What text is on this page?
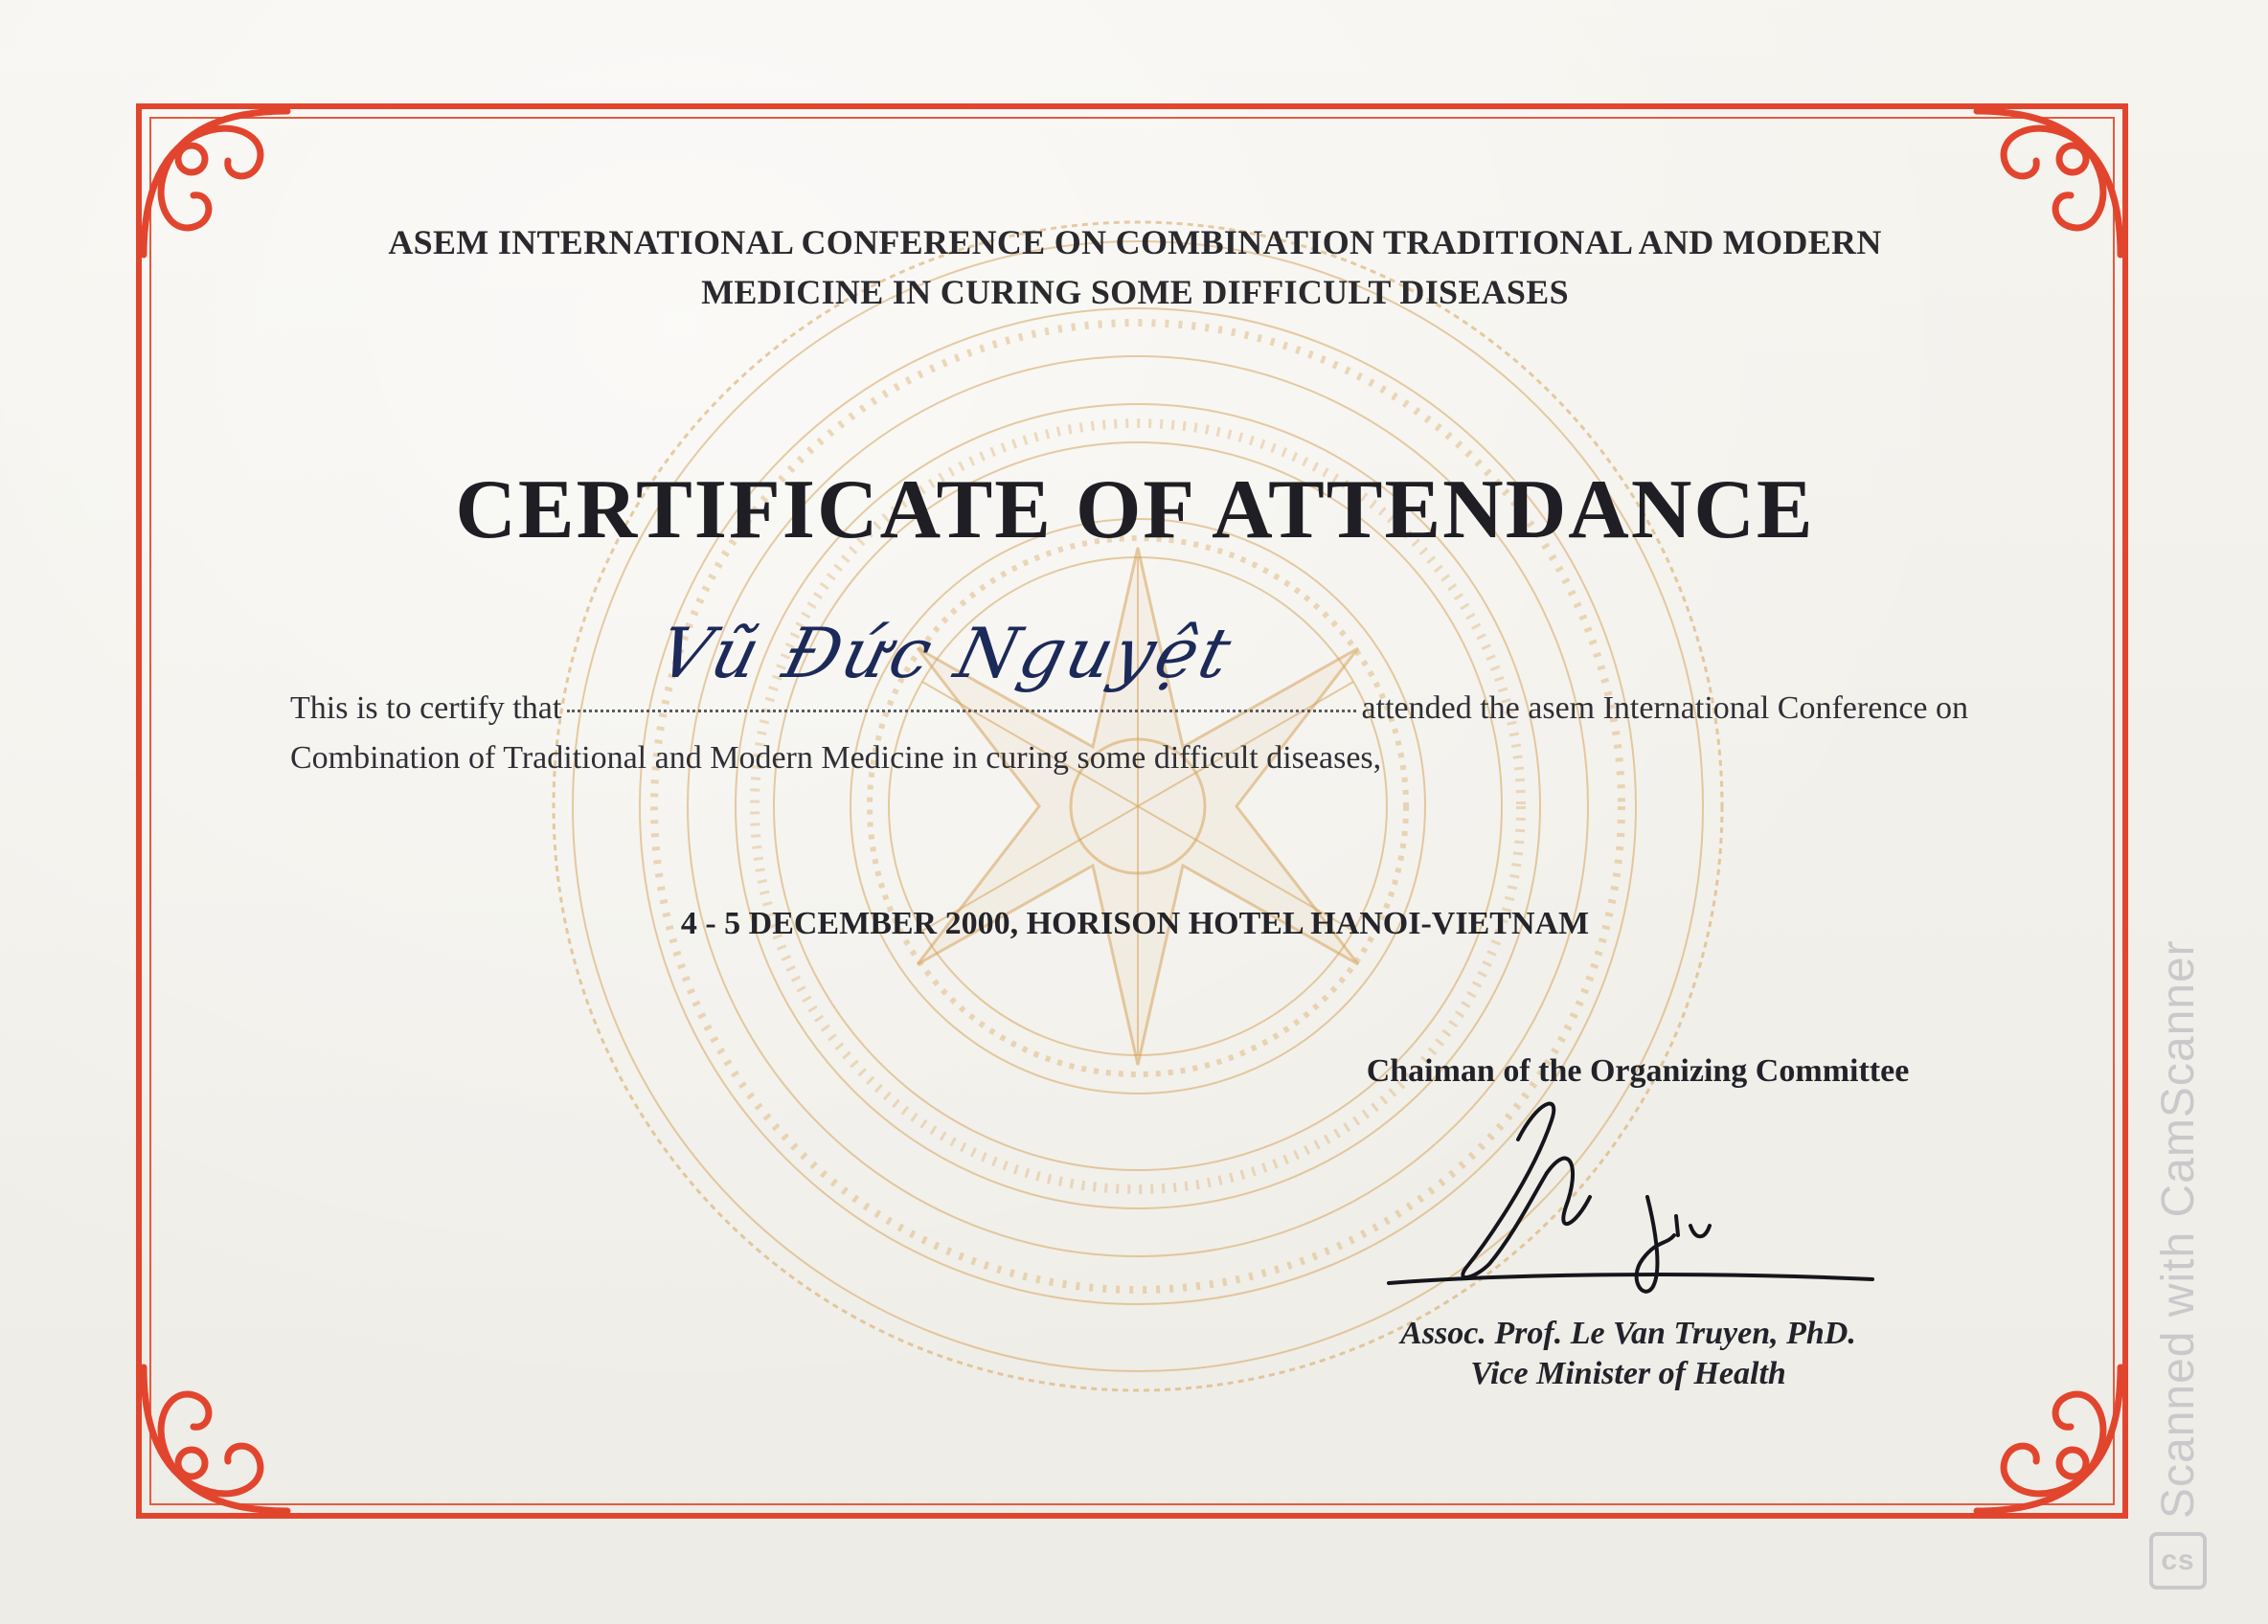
ASEM INTERNATIONAL CONFERENCE ON COMBINATION TRADITIONAL AND MODERN
MEDICINE IN CURING SOME DIFFICULT DISEASES
CERTIFICATE OF ATTENDANCE
Vũ Đức Nguyệt
This is to certify that	attended the asem International Conference on
Combination of Traditional and Modern Medicine in curing some difficult diseases,
4 - 5 DECEMBER 2000, HORISON HOTEL HANOI-VIETNAM
Chaiman of the Organizing Committee
Assoc. Prof. Le Van Truyen, PhD.
Vice Minister of Health
cs
Scanned with CamScanner
